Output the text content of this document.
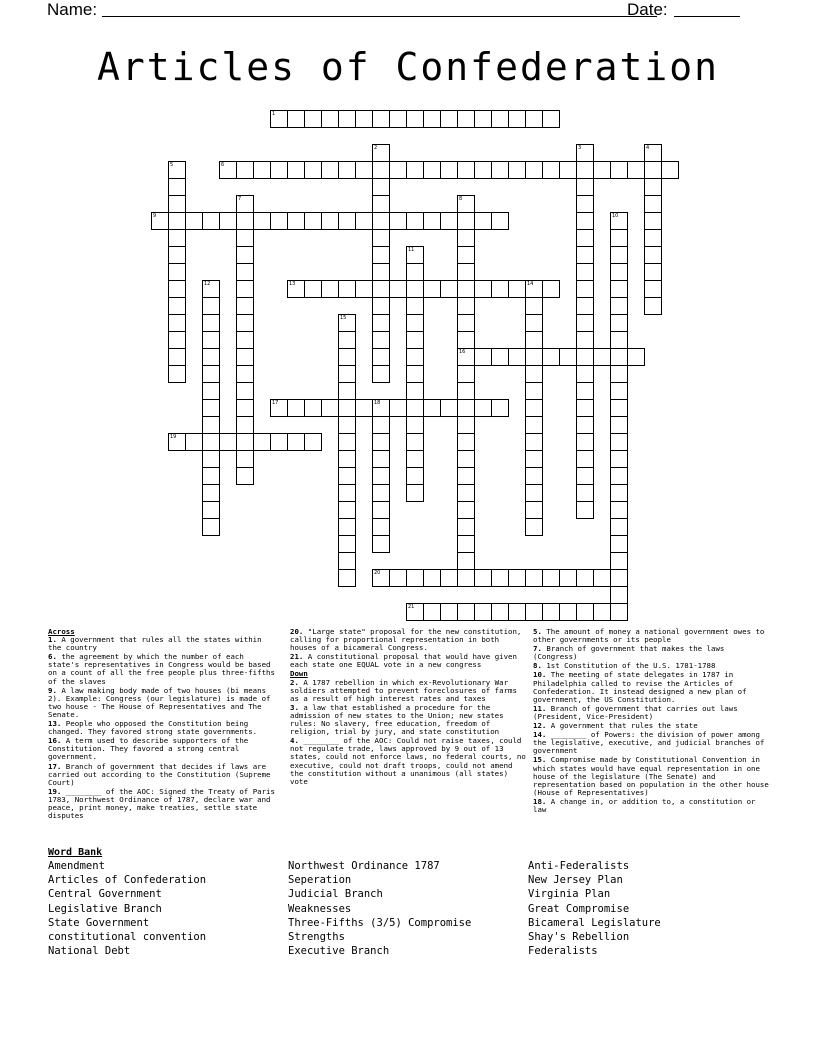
Name:	Date:
Articles of Confederation
1
6
9
13	14
16
17	18
19
20
21
2	3	4
5
7	8
10
11
12
15
Across
1. A government that rules all the states within the country
6. the agreement by which the number of each state's representatives in Congress would be based on a count of all the free people plus three-fifths of the slaves
9. A law making body made of two houses (bi means 2). Example: Congress (our legislature) is made of two house - The House of Representatives and The Senate.
13. People who opposed the Constitution being changed. They favored strong state governments.
16. A term used to describe supporters of the Constitution. They favored a strong central government.
17. Branch of government that decides if laws are carried out according to the Constitution (Supreme Court)
19. ________ of the AOC: Signed the Treaty of Paris 1783, Northwest Ordinance of 1787, declare war and peace, print money, make treaties, settle state disputes
20. "Large state" proposal for the new constitution, calling for proportional representation in both houses of a bicameral Congress.
21. A constitutional proposal that would have given each state one EQUAL vote in a new congress
Down
2. A 1787 rebellion in which ex-Revolutionary War soldiers attempted to prevent foreclosures of farms as a result of high interest rates and taxes
3. a law that established a procedure for the admission of new states to the Union; new states rules: No slavery, free education, freedom of religion, trial by jury, and state constitution
4. ________ of the AOC: Could not raise taxes, could not regulate trade, laws approved by 9 out of 13 states, could not enforce laws, no federal courts, no executive, could not draft troops, could not amend the constitution without a unanimous (all states) vote
5. The amount of money a national government owes to other governments or its people
7. Branch of government that makes the laws (Congress)
8. 1st Constitution of the U.S. 1781-1788
10. The meeting of state delegates in 1787 in Philadelphia called to revise the Articles of Confederation. It instead designed a new plan of government, the US Constitution.
11. Branch of government that carries out laws (President, Vice-President)
12. A government that rules the state
14. ________ of Powers: the division of power among the legislative, executive, and judicial branches of government
15. Compromise made by Constitutional Convention in which states would have equal representation in one house of the legislature (The Senate) and representation based on population in the other house (House of Representatives)
18. A change in, or addition to, a constitution or law
Word Bank
Amendment
Articles of Confederation
Central Government
Legislative Branch
State Government
constitutional convention
National Debt
Northwest Ordinance 1787
Seperation
Judicial Branch
Weaknesses
Three-Fifths (3/5) Compromise
Strengths
Executive Branch
Anti-Federalists
New Jersey Plan
Virginia Plan
Great Compromise
Bicameral Legislature
Shay's Rebellion
Federalists
